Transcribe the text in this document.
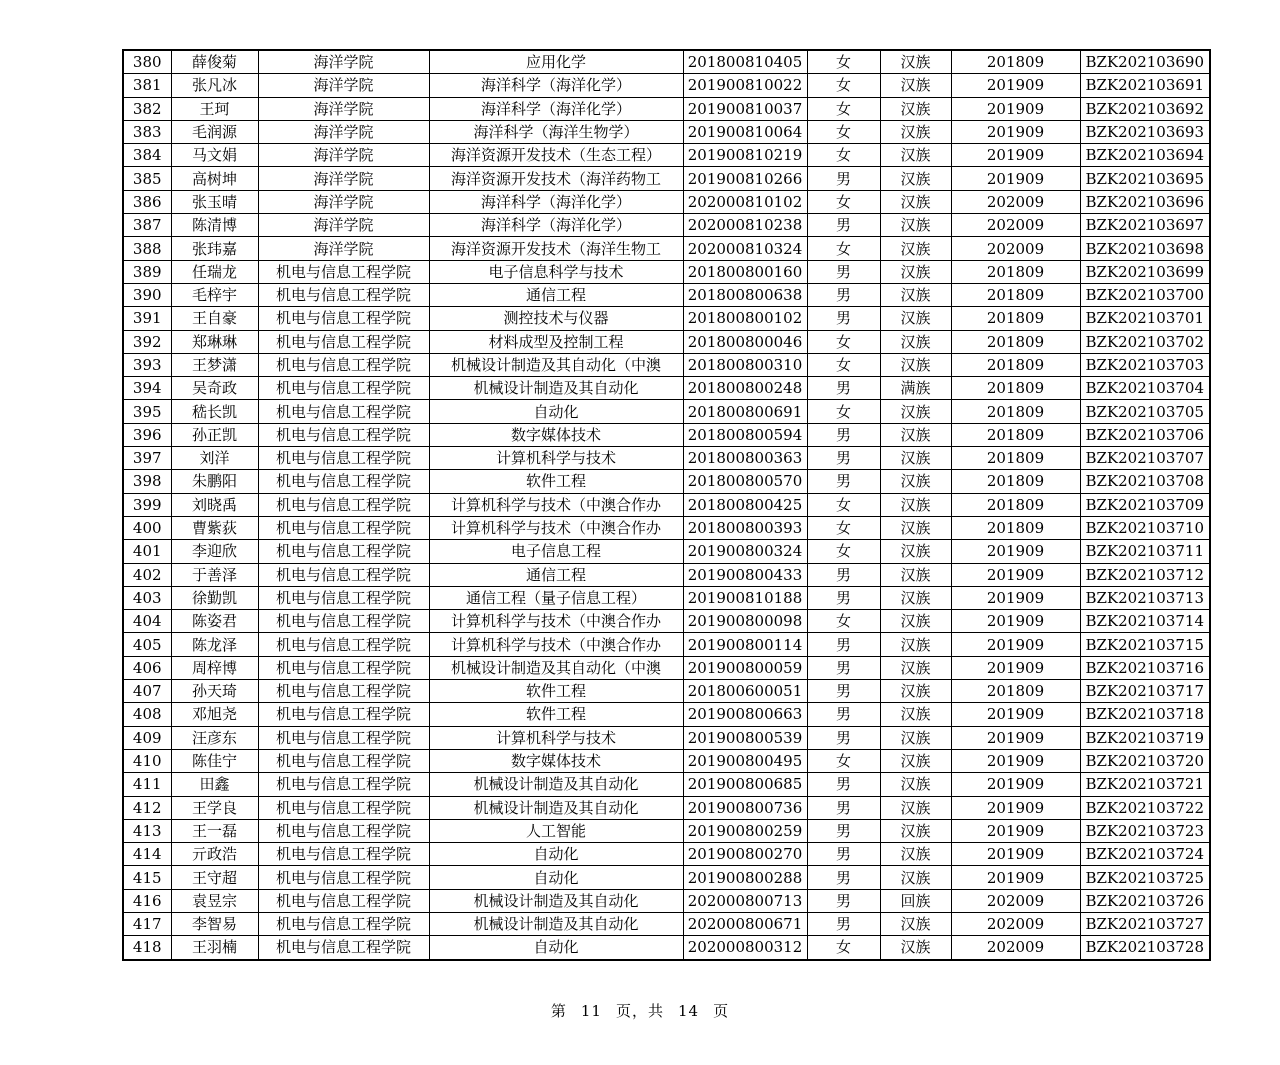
380	薛俊菊	海洋学院	应用化学	201800810405	女	汉族	201809	BZK202103690
381	张凡冰	海洋学院	海洋科学（海洋化学）	201900810022	女	汉族	201909	BZK202103691
382	王珂	海洋学院	海洋科学（海洋化学）	201900810037	女	汉族	201909	BZK202103692
383	毛润源	海洋学院	海洋科学（海洋生物学）	201900810064	女	汉族	201909	BZK202103693
384	马文娟	海洋学院	海洋资源开发技术（生态工程）	201900810219	女	汉族	201909	BZK202103694
385	高树坤	海洋学院	海洋资源开发技术（海洋药物工	201900810266	男	汉族	201909	BZK202103695
386	张玉晴	海洋学院	海洋科学（海洋化学）	202000810102	女	汉族	202009	BZK202103696
387	陈清博	海洋学院	海洋科学（海洋化学）	202000810238	男	汉族	202009	BZK202103697
388	张玮嘉	海洋学院	海洋资源开发技术（海洋生物工	202000810324	女	汉族	202009	BZK202103698
389	任瑞龙	机电与信息工程学院	电子信息科学与技术	201800800160	男	汉族	201809	BZK202103699
390	毛梓宇	机电与信息工程学院	通信工程	201800800638	男	汉族	201809	BZK202103700
391	王自豪	机电与信息工程学院	测控技术与仪器	201800800102	男	汉族	201809	BZK202103701
392	郑琳琳	机电与信息工程学院	材料成型及控制工程	201800800046	女	汉族	201809	BZK202103702
393	王梦潇	机电与信息工程学院	机械设计制造及其自动化（中澳	201800800310	女	汉族	201809	BZK202103703
394	吴奇政	机电与信息工程学院	机械设计制造及其自动化	201800800248	男	满族	201809	BZK202103704
395	嵇长凯	机电与信息工程学院	自动化	201800800691	女	汉族	201809	BZK202103705
396	孙正凯	机电与信息工程学院	数字媒体技术	201800800594	男	汉族	201809	BZK202103706
397	刘洋	机电与信息工程学院	计算机科学与技术	201800800363	男	汉族	201809	BZK202103707
398	朱鹏阳	机电与信息工程学院	软件工程	201800800570	男	汉族	201809	BZK202103708
399	刘晓禹	机电与信息工程学院	计算机科学与技术（中澳合作办	201800800425	女	汉族	201809	BZK202103709
400	曹紫荻	机电与信息工程学院	计算机科学与技术（中澳合作办	201800800393	女	汉族	201809	BZK202103710
401	李迎欣	机电与信息工程学院	电子信息工程	201900800324	女	汉族	201909	BZK202103711
402	于善泽	机电与信息工程学院	通信工程	201900800433	男	汉族	201909	BZK202103712
403	徐勤凯	机电与信息工程学院	通信工程（量子信息工程）	201900810188	男	汉族	201909	BZK202103713
404	陈姿君	机电与信息工程学院	计算机科学与技术（中澳合作办	201900800098	女	汉族	201909	BZK202103714
405	陈龙泽	机电与信息工程学院	计算机科学与技术（中澳合作办	201900800114	男	汉族	201909	BZK202103715
406	周梓博	机电与信息工程学院	机械设计制造及其自动化（中澳	201900800059	男	汉族	201909	BZK202103716
407	孙天琦	机电与信息工程学院	软件工程	201800600051	男	汉族	201809	BZK202103717
408	邓旭尧	机电与信息工程学院	软件工程	201900800663	男	汉族	201909	BZK202103718
409	汪彦东	机电与信息工程学院	计算机科学与技术	201900800539	男	汉族	201909	BZK202103719
410	陈佳宁	机电与信息工程学院	数字媒体技术	201900800495	女	汉族	201909	BZK202103720
411	田鑫	机电与信息工程学院	机械设计制造及其自动化	201900800685	男	汉族	201909	BZK202103721
412	王学良	机电与信息工程学院	机械设计制造及其自动化	201900800736	男	汉族	201909	BZK202103722
413	王一磊	机电与信息工程学院	人工智能	201900800259	男	汉族	201909	BZK202103723
414	亓政浩	机电与信息工程学院	自动化	201900800270	男	汉族	201909	BZK202103724
415	王守超	机电与信息工程学院	自动化	201900800288	男	汉族	201909	BZK202103725
416	袁昱宗	机电与信息工程学院	机械设计制造及其自动化	202000800713	男	回族	202009	BZK202103726
417	李智易	机电与信息工程学院	机械设计制造及其自动化	202000800671	男	汉族	202009	BZK202103727
418	王羽楠	机电与信息工程学院	自动化	202000800312	女	汉族	202009	BZK202103728
第 11 页，共 14 页
